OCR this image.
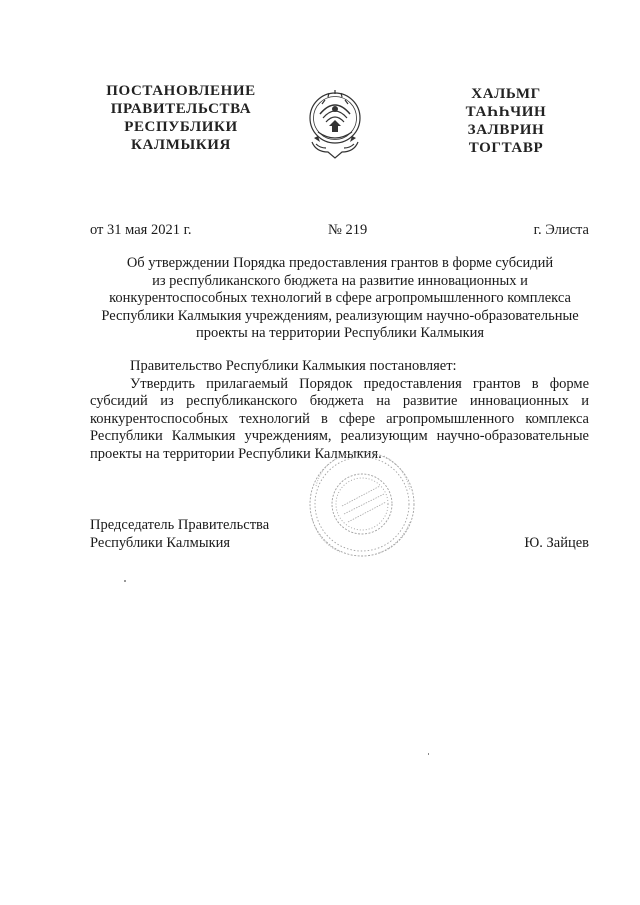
ПОСТАНОВЛЕНИЕ
ПРАВИТЕЛЬСТВА
РЕСПУБЛИКИ
КАЛМЫКИЯ
ХАЛЬМГ
ТАҺҺЧИН
ЗАЛВРИН
ТОГТАВР
от 31 мая 2021 г.	№ 219	г. Элиста
Об утверждении Порядка предоставления грантов в форме субсидий
из республиканского бюджета на развитие инновационных и
конкурентоспособных технологий в сфере агропромышленного комплекса
Республики Калмыкия учреждениям, реализующим научно-образовательные
проекты на территории Республики Калмыкия

Правительство Республики Калмыкия постановляет:

Утвердить прилагаемый Порядок предоставления грантов в форме субсидий из республиканского бюджета на развитие инновационных и конкурентоспособных технологий в сфере агропромышленного комплекса Республики Калмыкия учреждениям, реализующим научно-образовательные проекты на территории Республики Калмыкия.

Председатель Правительства
Республики Калмыкия	Ю. Зайцев
